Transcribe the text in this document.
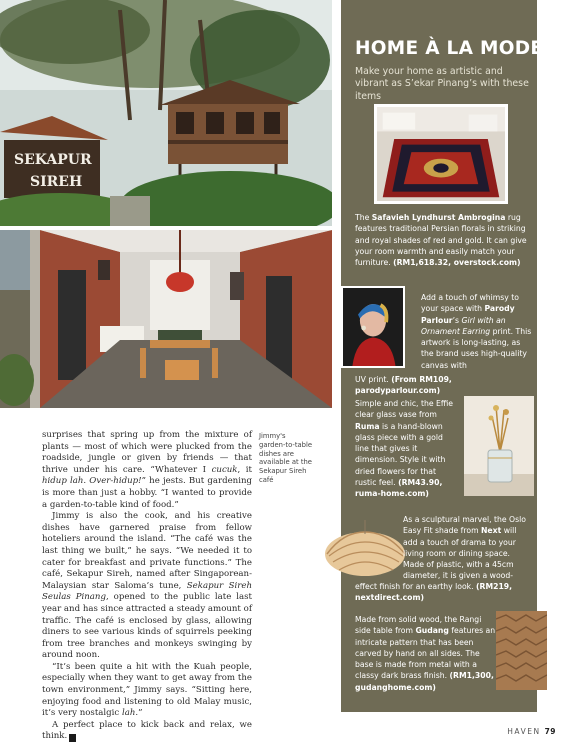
SEKAPUR
SIREH

surprises that spring up from the mixture of plants — most of which were plucked from the roadside, jungle or given by friends — that thrive under his care. “Whatever I cucuk, it hidup lah. Over-hidup!” he jests. But gardening is more than just a hobby. “I wanted to provide a garden-to-table kind of food.”

Jimmy is also the cook, and his creative dishes have garnered praise from fellow hoteliers around the island. “The café was the last thing we built,” he says. “We needed it to cater for breakfast and private functions.” The café, Sekapur Sireh, named after Singaporean-Malaysian star Saloma’s tune, Sekapur Sireh Seulas Pinang, opened to the public late last year and has since attracted a steady amount of traffic. The café is enclosed by glass, allowing diners to see various kinds of squirrels peeking from tree branches and monkeys swinging by around noon.

“It’s been quite a hit with the Kuah people, especially when they want to get away from the town environment,” Jimmy says. “Sitting here, enjoying food and listening to old Malay music, it’s very nostalgic lah.”

A perfect place to kick back and relax, we think. H

Jimmy's garden-to-table dishes are available at the Sekapur Sireh café
HOME À LA MODE
Make your home as artistic and vibrant as S’ekar Pinang’s with these items
The Safavieh Lyndhurst Ambrogina rug features traditional Persian florals in striking and royal shades of red and gold. It can give your room warmth and easily match your furniture. (RM1,618.32, overstock.com)
Add a touch of whimsy to your space with Parody Parlour’s Girl with an Ornament Earring print. This artwork is long-lasting, as the brand uses high-quality canvas with
UV print. (From RM109, parodyparlour.com)
Simple and chic, the Effie clear glass vase from Ruma is a hand-blown glass piece with a gold line that gives it dimension. Style it with dried flowers for that rustic feel. (RM43.90, ruma-home.com)
As a sculptural marvel, the Oslo Easy Fit shade from Next will add a touch of drama to your living room or dining space. Made of plastic, with a 45cm diameter, it is given a wood-
effect finish for an earthy look. (RM219, nextdirect.com)
Made from solid wood, the Rangi side table from Gudang features an intricate pattern that has been carved by hand on all sides. The base is made from metal with a classy dark brass finish. (RM1,300, gudanghome.com)
HAVEN 79
